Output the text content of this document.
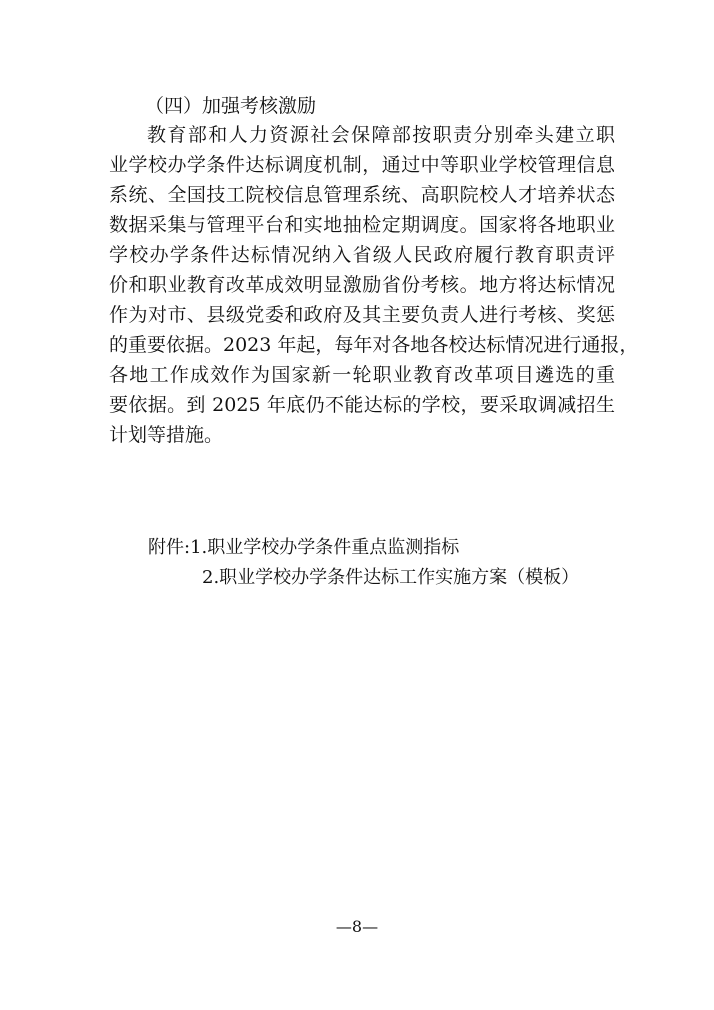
（四）加强考核激励
教育部和人力资源社会保障部按职责分别牵头建立职
业学校办学条件达标调度机制，通过中等职业学校管理信息
系统、全国技工院校信息管理系统、高职院校人才培养状态
数据采集与管理平台和实地抽检定期调度。国家将各地职业
学校办学条件达标情况纳入省级人民政府履行教育职责评
价和职业教育改革成效明显激励省份考核。地方将达标情况
作为对市、县级党委和政府及其主要负责人进行考核、奖惩
的重要依据。2023 年起，每年对各地各校达标情况进行通报，
各地工作成效作为国家新一轮职业教育改革项目遴选的重
要依据。到 2025 年底仍不能达标的学校，要采取调减招生
计划等措施。
附件:1.职业学校办学条件重点监测指标
2.职业学校办学条件达标工作实施方案（模板）
—8—
